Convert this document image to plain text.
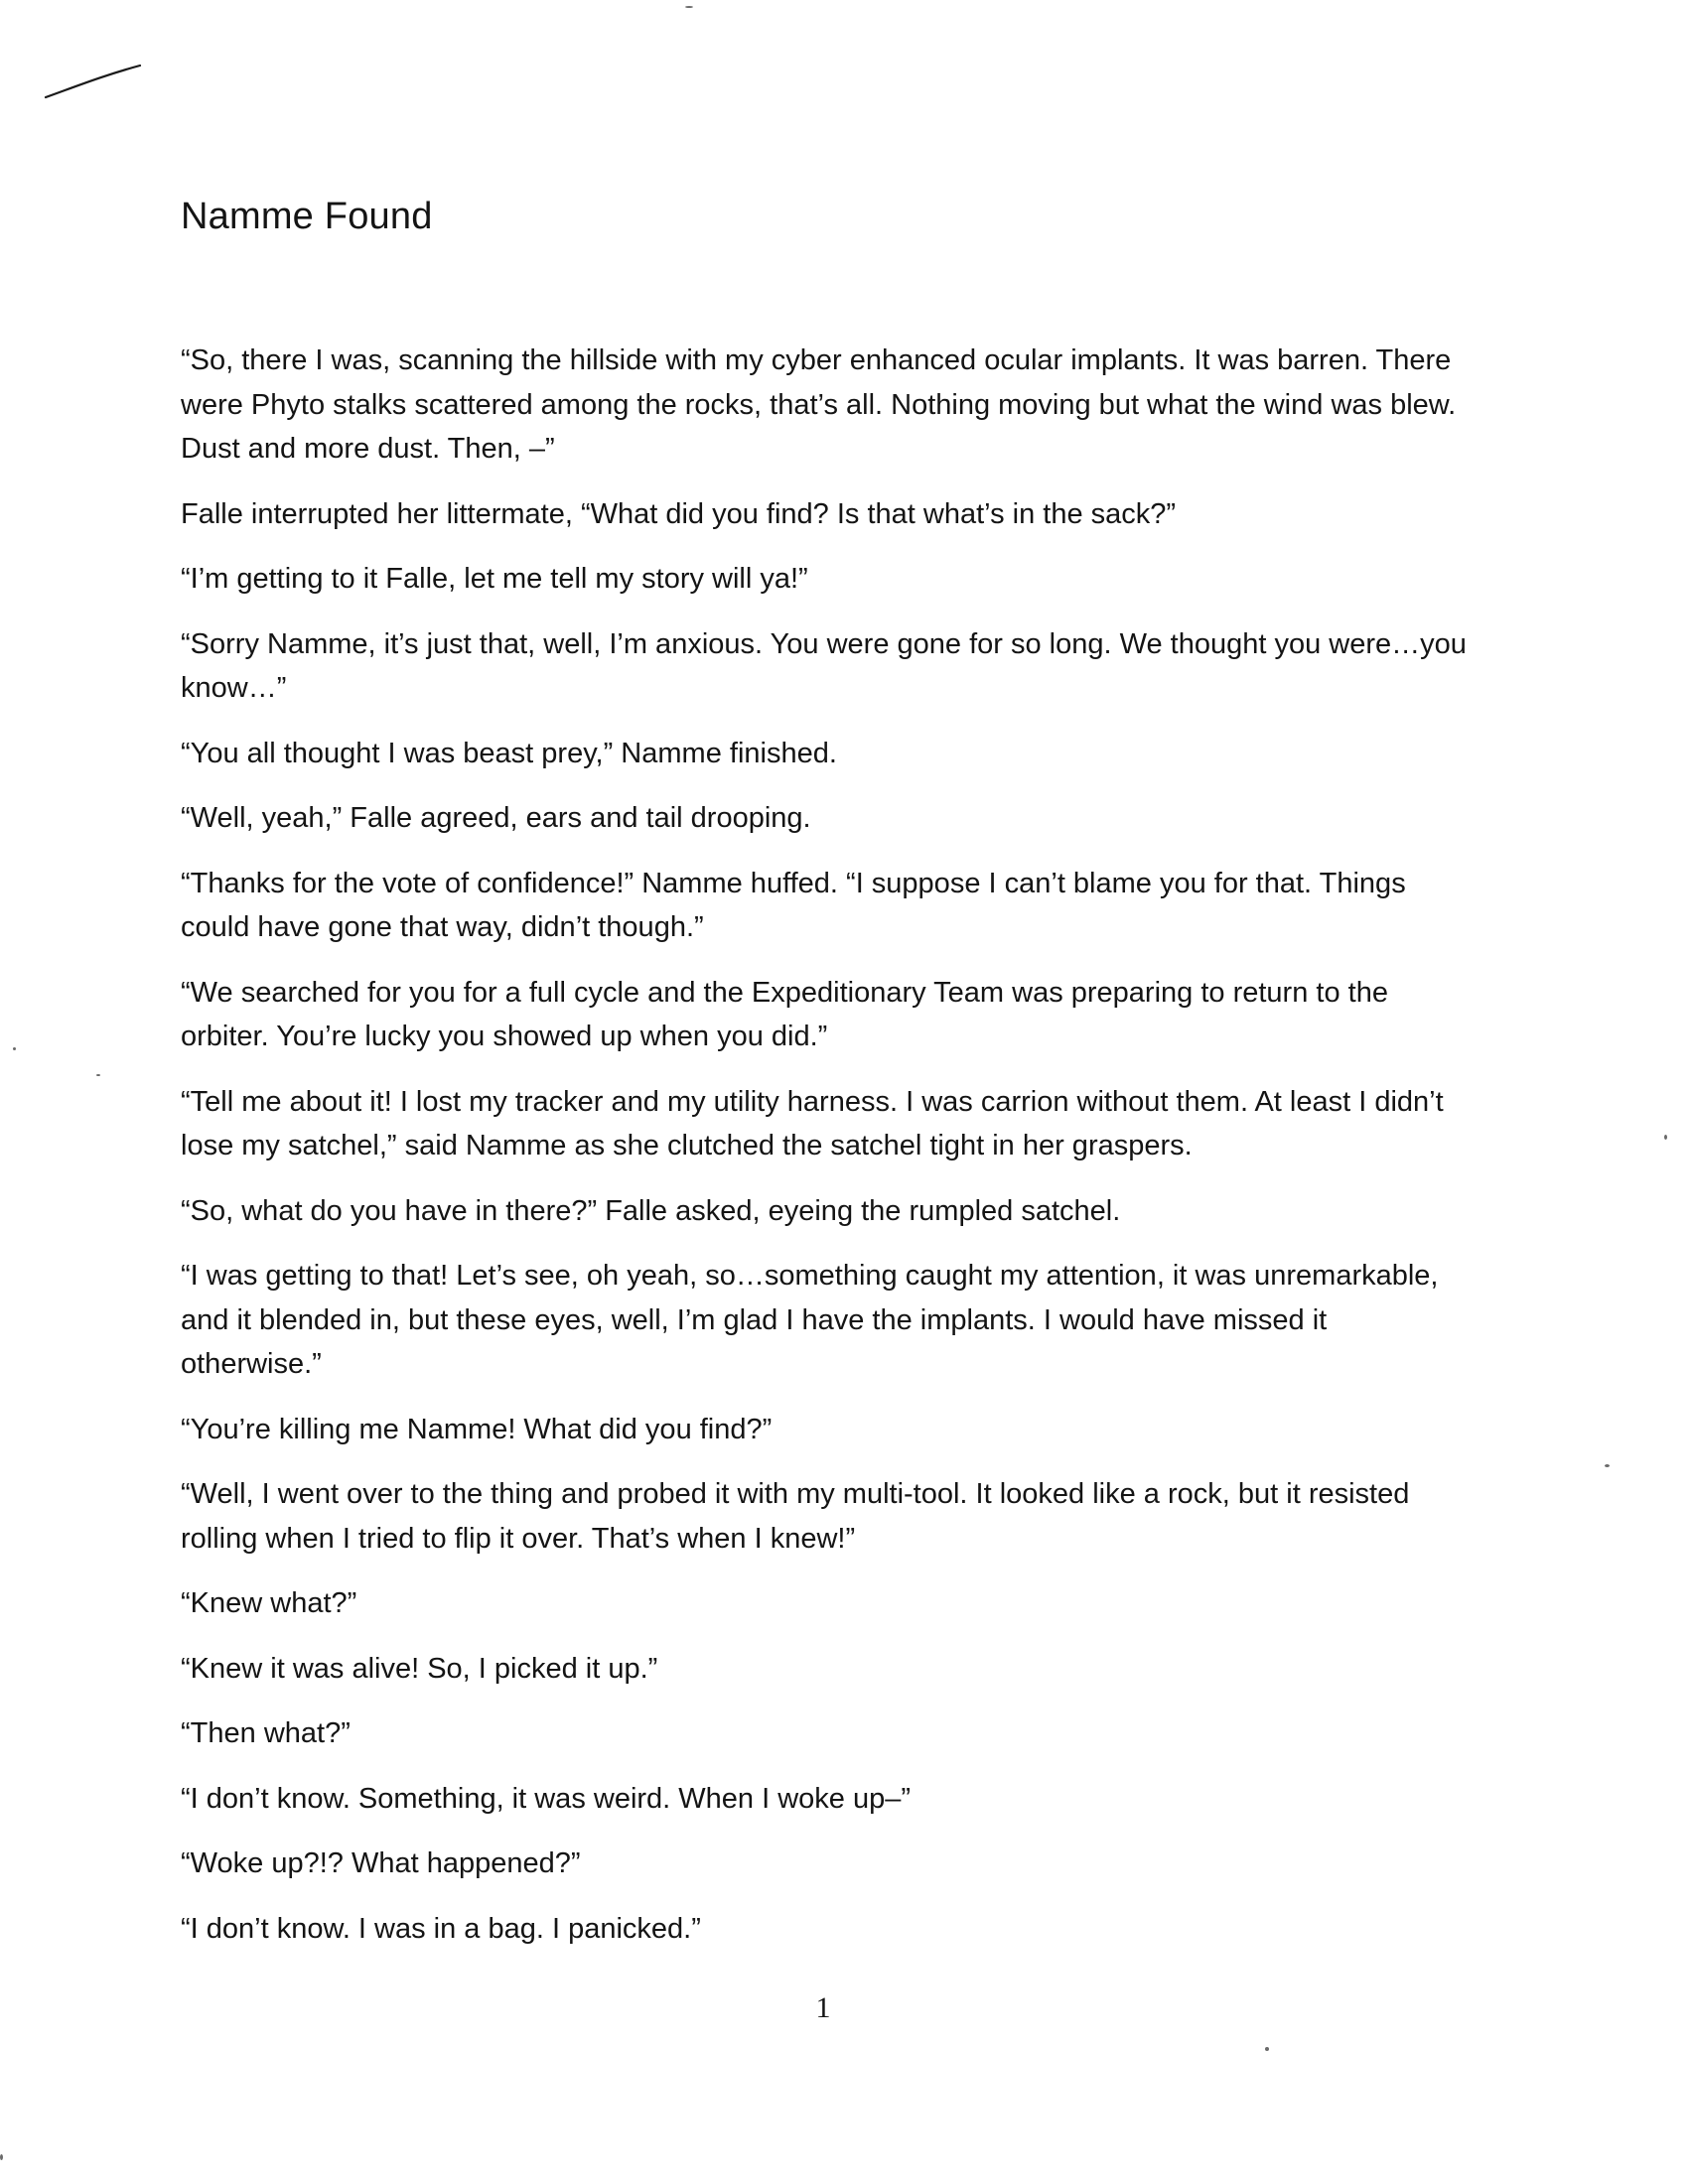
Namme Found

“So, there I was, scanning the hillside with my cyber enhanced ocular implants. It was barren. There were Phyto stalks scattered among the rocks, that’s all. Nothing moving but what the wind was blew. Dust and more dust. Then, –”

Falle interrupted her littermate, “What did you find? Is that what’s in the sack?”

“I’m getting to it Falle, let me tell my story will ya!”

“Sorry Namme, it’s just that, well, I’m anxious. You were gone for so long. We thought you were…you know…”

“You all thought I was beast prey,” Namme finished.

“Well, yeah,” Falle agreed, ears and tail drooping.

“Thanks for the vote of confidence!” Namme huffed. “I suppose I can’t blame you for that. Things could have gone that way, didn’t though.”

“We searched for you for a full cycle and the Expeditionary Team was preparing to return to the orbiter. You’re lucky you showed up when you did.”

“Tell me about it! I lost my tracker and my utility harness. I was carrion without them. At least I didn’t lose my satchel,” said Namme as she clutched the satchel tight in her graspers.

“So, what do you have in there?” Falle asked, eyeing the rumpled satchel.

“I was getting to that! Let’s see, oh yeah, so…something caught my attention, it was unremarkable, and it blended in, but these eyes, well, I’m glad I have the implants. I would have missed it otherwise.”

“You’re killing me Namme! What did you find?”

“Well, I went over to the thing and probed it with my multi-tool. It looked like a rock, but it resisted rolling when I tried to flip it over. That’s when I knew!”

“Knew what?”

“Knew it was alive! So, I picked it up.”

“Then what?”

“I don’t know. Something, it was weird. When I woke up–”

“Woke up?!? What happened?”

“I don’t know. I was in a bag. I panicked.”

1
